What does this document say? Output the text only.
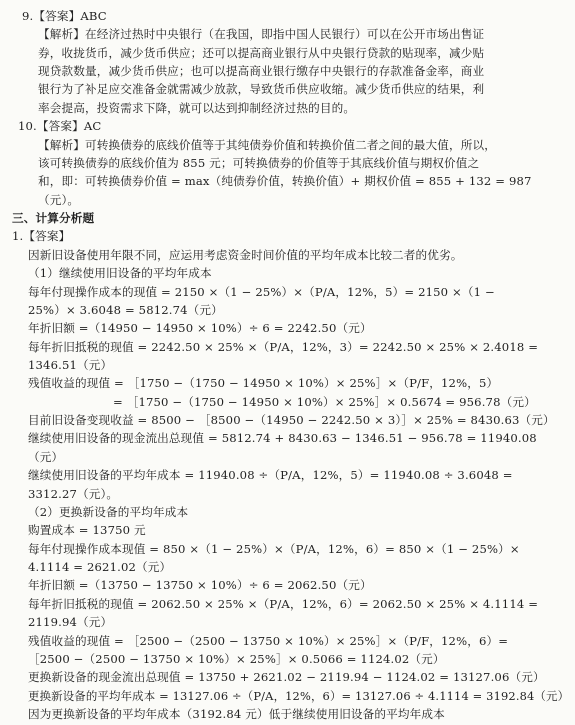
9.【答案】ABC
【解析】在经济过热时中央银行（在我国，即指中国人民银行）可以在公开市场出售证
券，收拢货币，减少货币供应；还可以提高商业银行从中央银行贷款的贴现率，减少贴
现贷款数量，减少货币供应；也可以提高商业银行缴存中央银行的存款准备金率，商业
银行为了补足应交准备金就需减少放款，导致货币供应收缩。减少货币供应的结果，利
率会提高，投资需求下降，就可以达到抑制经济过热的目的。
10.【答案】AC
【解析】可转换债券的底线价值等于其纯债券价值和转换价值二者之间的最大值，所以，
该可转换债券的底线价值为 855 元；可转换债券的价值等于其底线价值与期权价值之
和，即：可转换债券价值 = max（纯债券价值，转换价值）+ 期权价值 = 855 + 132 = 987
（元）。
三、计算分析题
1.【答案】
因新旧设备使用年限不同，应运用考虑资金时间价值的平均年成本比较二者的优劣。
（1）继续使用旧设备的平均年成本
每年付现操作成本的现值 = 2150 ×（1 − 25%）×（P/A，12%，5）= 2150 ×（1 −
25%）× 3.6048 = 5812.74（元）
年折旧额 =（14950 − 14950 × 10%）÷ 6 = 2242.50（元）
每年折旧抵税的现值 = 2242.50 × 25% ×（P/A，12%，3）= 2242.50 × 25% × 2.4018 =
1346.51（元）
残值收益的现值 = ［1750 −（1750 − 14950 × 10%）× 25%］×（P/F，12%，5）
= ［1750 −（1750 − 14950 × 10%）× 25%］× 0.5674 = 956.78（元）
目前旧设备变现收益 = 8500 − ［8500 −（14950 − 2242.50 × 3）］× 25% = 8430.63（元）
继续使用旧设备的现金流出总现值 = 5812.74 + 8430.63 − 1346.51 − 956.78 = 11940.08
（元）
继续使用旧设备的平均年成本 = 11940.08 ÷（P/A，12%，5）= 11940.08 ÷ 3.6048 =
3312.27（元）。
（2）更换新设备的平均年成本
购置成本 = 13750 元
每年付现操作成本现值 = 850 ×（1 − 25%）×（P/A，12%，6）= 850 ×（1 − 25%）×
4.1114 = 2621.02（元）
年折旧额 =（13750 − 13750 × 10%）÷ 6 = 2062.50（元）
每年折旧抵税的现值 = 2062.50 × 25% ×（P/A，12%，6）= 2062.50 × 25% × 4.1114 =
2119.94（元）
残值收益的现值 = ［2500 −（2500 − 13750 × 10%）× 25%］×（P/F，12%，6）=
［2500 −（2500 − 13750 × 10%）× 25%］× 0.5066 = 1124.02（元）
更换新设备的现金流出总现值 = 13750 + 2621.02 − 2119.94 − 1124.02 = 13127.06（元）
更换新设备的平均年成本 = 13127.06 ÷（P/A，12%，6）= 13127.06 ÷ 4.1114 = 3192.84（元）
因为更换新设备的平均年成本（3192.84 元）低于继续使用旧设备的平均年成本
